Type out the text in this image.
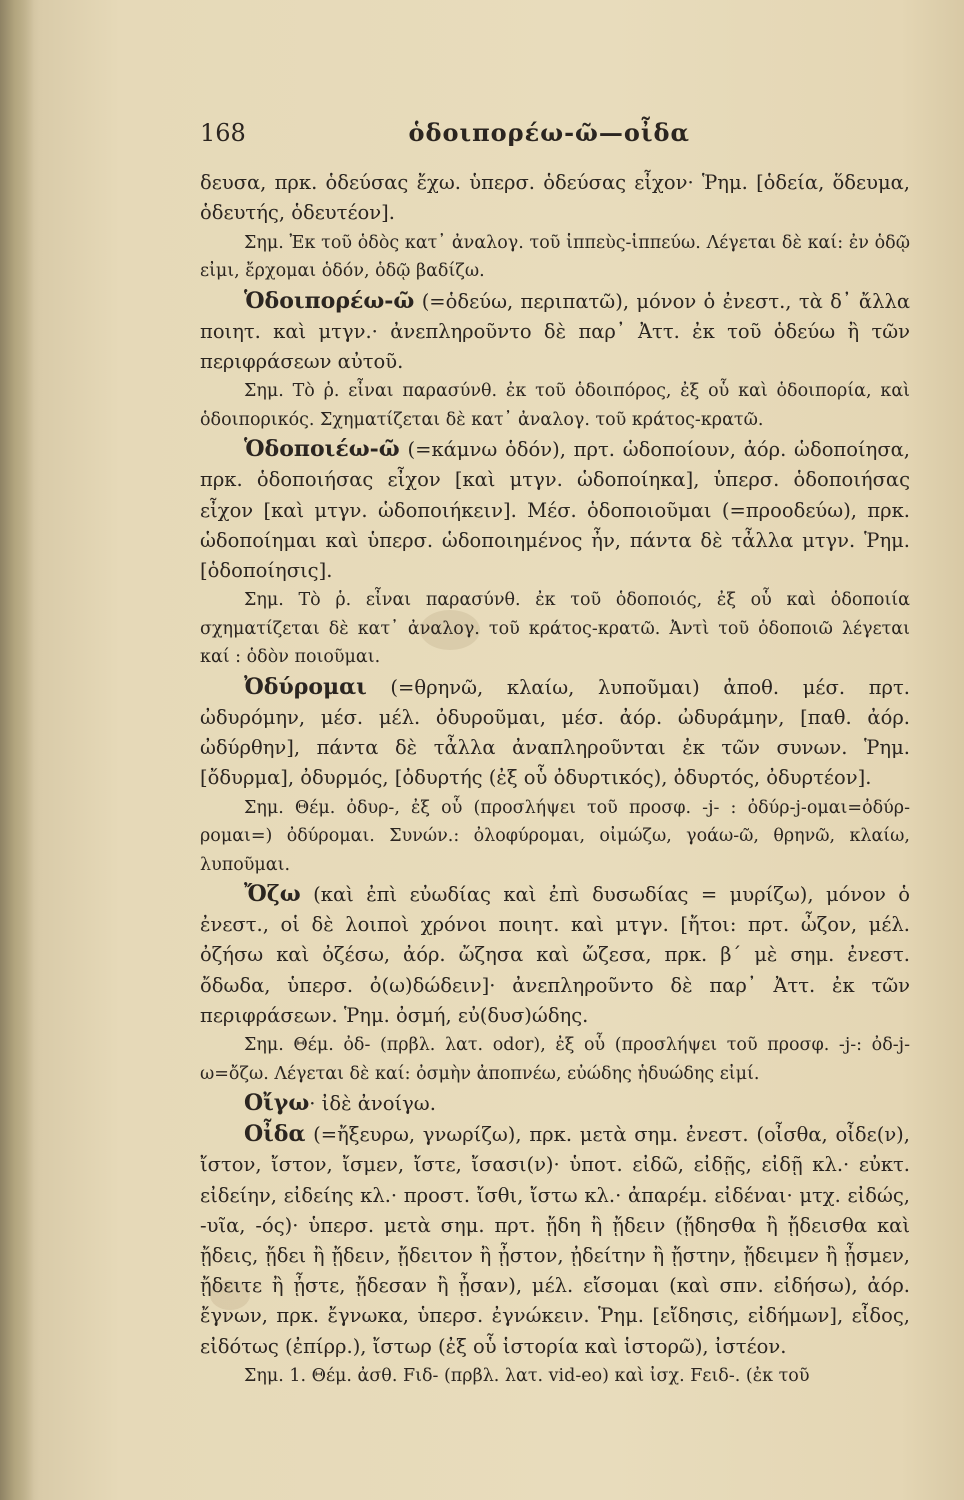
168	ὁδοιπορέω-ῶ—οἶδα

δευσα, πρκ. ὁδεύσας ἔχω. ὑπερσ. ὁδεύσας εἶχον· Ῥημ. [ὁδεία, ὅδευμα, ὁδευτής, ὁδευτέον].

Σημ. Ἐκ τοῦ ὁδὸς κατ᾽ ἀναλογ. τοῦ ἱππεὺς-ἱππεύω. Λέγεται δὲ καί: ἐν ὁδῷ εἰμι, ἔρχομαι ὁδόν, ὁδῷ βαδίζω.

Ὁδοιπορέω-ῶ (=ὁδεύω, περιπατῶ), μόνον ὁ ἐνεστ., τὰ δ᾽ ἄλλα ποιητ. καὶ μτγν.· ἀνεπληροῦντο δὲ παρ᾽ Ἀττ. ἐκ τοῦ ὁδεύω ἢ τῶν περιφράσεων αὐτοῦ.

Σημ. Τὸ ῥ. εἶναι παρασύνθ. ἐκ τοῦ ὁδοιπόρος, ἐξ οὗ καὶ ὁδοιπορία, καὶ ὁδοιπορικός. Σχηματίζεται δὲ κατ᾽ ἀναλογ. τοῦ κράτος-κρατῶ.

Ὁδοποιέω-ῶ (=κάμνω ὁδόν), πρτ. ὡδοποίουν, ἀόρ. ὡδοποίησα, πρκ. ὁδοποιήσας εἶχον [καὶ μτγν. ὡδοποίηκα], ὑπερσ. ὁδοποιήσας εἶχον [καὶ μτγν. ὡδοποιήκειν]. Μέσ. ὁδοποιοῦμαι (=προοδεύω), πρκ. ὡδοποίημαι καὶ ὑπερσ. ὡδοποιημένος ἦν, πάντα δὲ τἆλλα μτγν. Ῥημ. [ὁδοποίησις].

Σημ. Τὸ ῥ. εἶναι παρασύνθ. ἐκ τοῦ ὁδοποιός, ἐξ οὗ καὶ ὁδοποιία σχηματίζεται δὲ κατ᾽ ἀναλογ. τοῦ κράτος-κρατῶ. Ἀντὶ τοῦ ὁδοποιῶ λέγεται καί : ὁδὸν ποιοῦμαι.

Ὀδύρομαι (=θρηνῶ, κλαίω, λυποῦμαι) ἀποθ. μέσ. πρτ. ὠδυρόμην, μέσ. μέλ. ὀδυροῦμαι, μέσ. ἀόρ. ὠδυράμην, [παθ. ἀόρ. ὠδύρθην], πάντα δὲ τἆλλα ἀναπληροῦνται ἐκ τῶν συνων. Ῥημ. [ὄδυρμα], ὀδυρμός, [ὀδυρτής (ἐξ οὗ ὀδυρτικός), ὀδυρτός, ὀδυρτέον].

Σημ. Θέμ. ὀδυρ-, ἐξ οὗ (προσλήψει τοῦ προσφ. -j- : ὀδύρ-j-ομαι=ὀδύρ-ρομαι=) ὀδύρομαι. Συνών.: ὀλοφύρομαι, οἰμώζω, γοάω-ῶ, θρηνῶ, κλαίω, λυποῦμαι.

Ὄζω (καὶ ἐπὶ εὐωδίας καὶ ἐπὶ δυσωδίας = μυρίζω), μόνον ὁ ἐνεστ., οἱ δὲ λοιποὶ χρόνοι ποιητ. καὶ μτγν. [ἤτοι: πρτ. ὦζον, μέλ. ὀζήσω καὶ ὀζέσω, ἀόρ. ὤζησα καὶ ὤζεσα, πρκ. β΄ μὲ σημ. ἐνεστ. ὄδωδα, ὑπερσ. ὀ(ω)δώδειν]· ἀνεπληροῦντο δὲ παρ᾽ Ἀττ. ἐκ τῶν περιφράσεων. Ῥημ. ὀσμή, εὐ(δυσ)ώδης.

Σημ. Θέμ. ὀδ- (πρβλ. λατ. odor), ἐξ οὗ (προσλήψει τοῦ προσφ. -j-: ὀδ-j-ω=ὄζω. Λέγεται δὲ καί: ὀσμὴν ἀποπνέω, εὐώδης ἡδυώδης εἰμί.

Οἴγω· ἰδὲ ἀνοίγω.

Οἶδα (=ἤξευρω, γνωρίζω), πρκ. μετὰ σημ. ἐνεστ. (οἶσθα, οἶδε(ν), ἴστον, ἴστον, ἴσμεν, ἴστε, ἴσασι(ν)· ὑποτ. εἰδῶ, εἰδῇς, εἰδῇ κλ.· εὐκτ. εἰδείην, εἰδείης κλ.· προστ. ἴσθι, ἴστω κλ.· ἀπαρέμ. εἰδέναι· μτχ. εἰδώς, -υῖα, -ός)· ὑπερσ. μετὰ σημ. πρτ. ᾔδη ἢ ᾔδειν (ᾔδησθα ἢ ᾔδεισθα καὶ ᾔδεις, ᾔδει ἢ ᾔδειν, ᾔδειτον ἢ ᾖστον, ᾐδείτην ἢ ᾔστην, ᾔδειμεν ἢ ᾖσμεν, ᾔδειτε ἢ ᾖστε, ᾔδεσαν ἢ ᾖσαν), μέλ. εἴσομαι (καὶ σπν. εἰδήσω), ἀόρ. ἔγνων, πρκ. ἔγνωκα, ὑπερσ. ἐγνώκειν. Ῥημ. [εἴδησις, εἰδήμων], εἶδος, εἰδότως (ἐπίρρ.), ἴστωρ (ἐξ οὗ ἱστορία καὶ ἱστορῶ), ἰστέον.

Σημ. 1. Θέμ. ἀσθ. Fιδ- (πρβλ. λατ. vid-eo) καὶ ἰσχ. Fειδ-. (ἐκ τοῦ
